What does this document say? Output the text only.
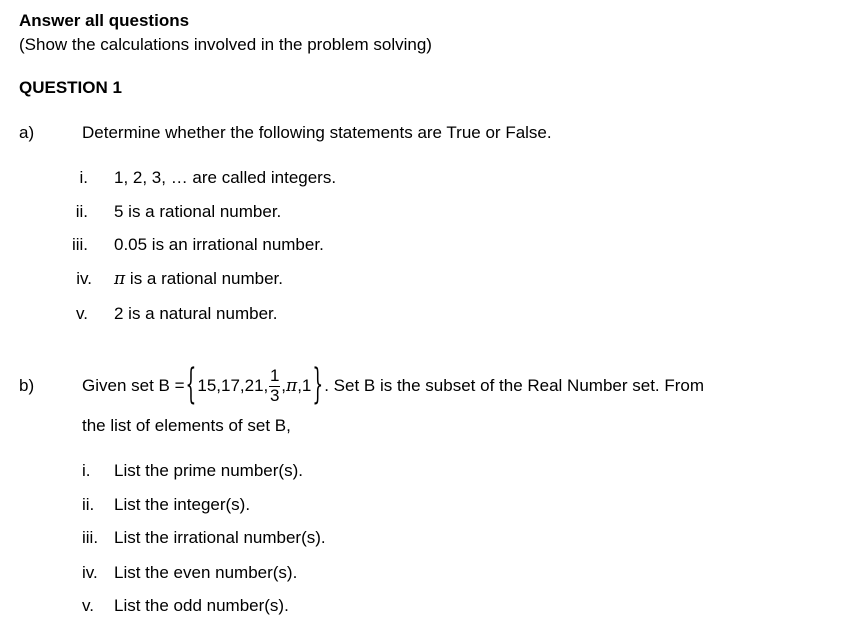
Answer all questions
(Show the calculations involved in the problem solving)
QUESTION 1
a)	Determine whether the following statements are True or False.
i. 1, 2, 3, … are called integers.
ii. 5 is a rational number.
iii. 0.05 is an irrational number.
iv. π is a rational number.
v. 2 is a natural number.
b)	Given set B = { 15,17,21, $\frac{1}{3}$ , π ,1 } . Set B is the subset of the Real Number set. From
the list of elements of set B,
i. List the prime number(s).
ii. List the integer(s).
iii. List the irrational number(s).
iv. List the even number(s).
v. List the odd number(s).
